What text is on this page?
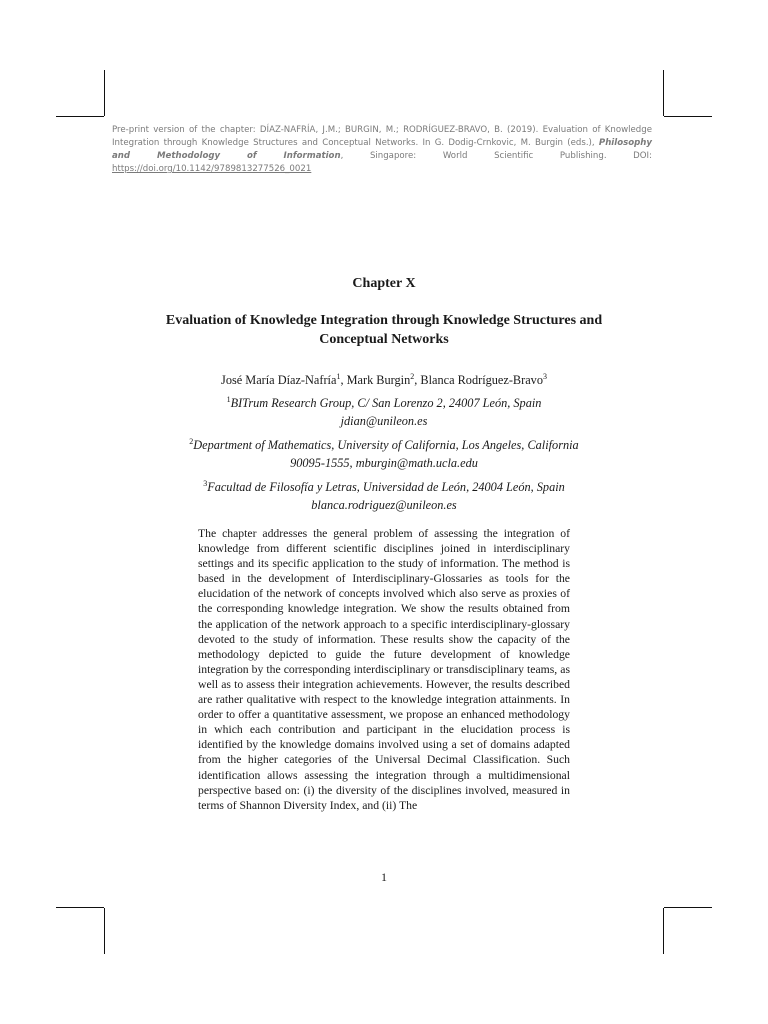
Pre-print version of the chapter: DÍAZ-NAFRÍA, J.M.; BURGIN, M.; RODRÍGUEZ-BRAVO, B. (2019). Evaluation of Knowledge Integration through Knowledge Structures and Conceptual Networks. In G. Dodig-Crnkovic, M. Burgin (eds.), Philosophy and Methodology of Information, Singapore: World Scientific Publishing. DOI: https://doi.org/10.1142/9789813277526_0021
Chapter X
Evaluation of Knowledge Integration through Knowledge Structures and Conceptual Networks
José María Díaz-Nafría$^1$, Mark Burgin$^2$, Blanca Rodríguez-Bravo$^3$
$^1$BITrum Research Group, C/ San Lorenzo 2, 24007 León, Spain
jdian@unileon.es
$^2$Department of Mathematics, University of California, Los Angeles, California
90095-1555, mburgin@math.ucla.edu
$^3$Facultad de Filosofía y Letras, Universidad de León, 24004 León, Spain
blanca.rodriguez@unileon.es
The chapter addresses the general problem of assessing the integration of knowledge from different scientific disciplines joined in interdisciplinary settings and its specific application to the study of information. The method is based in the development of Interdisciplinary-Glossaries as tools for the elucidation of the network of concepts involved which also serve as proxies of the corresponding knowledge integration. We show the results obtained from the application of the network approach to a specific interdisciplinary-glossary devoted to the study of information. These results show the capacity of the methodology depicted to guide the future development of knowledge integration by the corresponding interdisciplinary or transdisciplinary teams, as well as to assess their integration achievements. However, the results described are rather qualitative with respect to the knowledge integration attainments. In order to offer a quantitative assessment, we propose an enhanced methodology in which each contribution and participant in the elucidation process is identified by the knowledge domains involved using a set of domains adapted from the higher categories of the Universal Decimal Classification. Such identification allows assessing the integration through a multidimensional perspective based on: (i) the diversity of the disciplines involved, measured in terms of Shannon Diversity Index, and (ii) The
1
